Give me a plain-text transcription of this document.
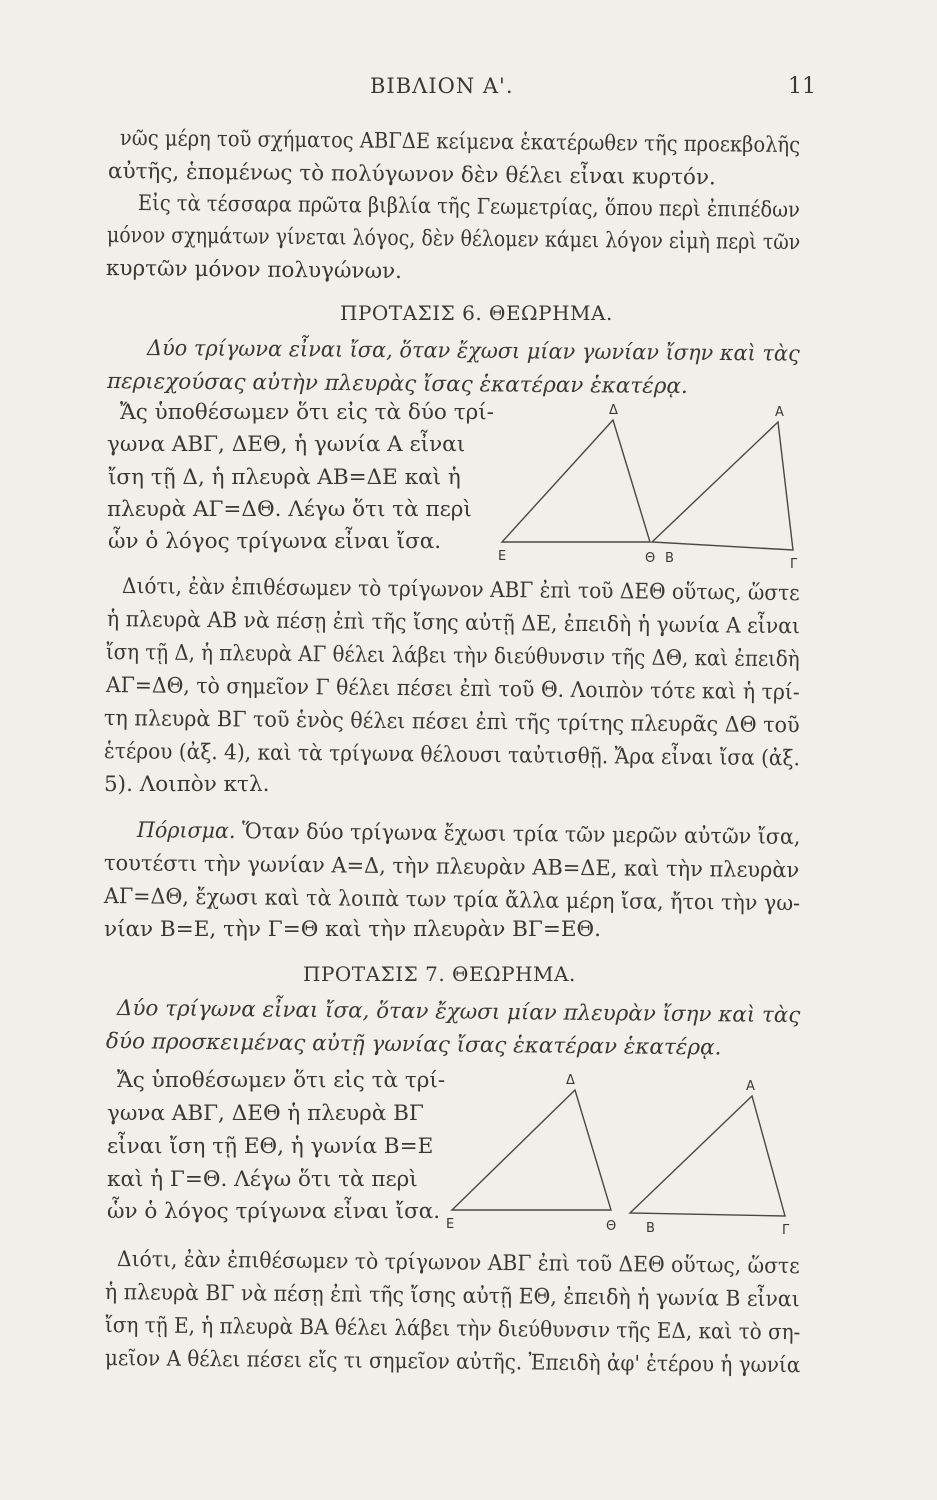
ΒΙΒΛΙΟΝ Α'.	11
νῶς μέρη τοῦ σχήματος ΑΒΓΔΕ κείμενα ἑκατέρωθεν τῆς προεκβολῆς
αὐτῆς, ἑπομένως τὸ πολύγωνον δὲν θέλει εἶναι κυρτόν.
Εἰς τὰ τέσσαρα πρῶτα βιβλία τῆς Γεωμετρίας, ὅπου περὶ ἐπιπέδων
μόνον σχημάτων γίνεται λόγος, δὲν θέλομεν κάμει λόγον εἰμὴ περὶ τῶν
κυρτῶν μόνον πολυγώνων.
ΠΡΟΤΑΣΙΣ 6. ΘΕΩΡΗΜΑ.
Δύο τρίγωνα εἶναι ἴσα, ὅταν ἔχωσι μίαν γωνίαν ἴσην καὶ τὰς
περιεχούσας αὐτὴν πλευρὰς ἴσας ἑκατέραν ἑκατέρᾳ.
Ἄς ὑποθέσωμεν ὅτι εἰς τὰ δύο τρί-
γωνα ΑΒΓ, ΔΕΘ, ἡ γωνία Α εἶναι
ἴση τῇ Δ, ἡ πλευρὰ ΑΒ=ΔΕ καὶ ἡ
πλευρὰ ΑΓ=ΔΘ. Λέγω ὅτι τὰ περὶ
ὧν ὁ λόγος τρίγωνα εἶναι ἴσα.
Δ
Ε	Θ
Α
Β	Γ
Διότι, ἐὰν ἐπιθέσωμεν τὸ τρίγωνον ΑΒΓ ἐπὶ τοῦ ΔΕΘ οὕτως, ὥστε
ἡ πλευρὰ ΑΒ νὰ πέσῃ ἐπὶ τῆς ἴσης αὐτῇ ΔΕ, ἐπειδὴ ἡ γωνία Α εἶναι
ἴση τῇ Δ, ἡ πλευρὰ ΑΓ θέλει λάβει τὴν διεύθυνσιν τῆς ΔΘ, καὶ ἐπειδὴ
ΑΓ=ΔΘ, τὸ σημεῖον Γ θέλει πέσει ἐπὶ τοῦ Θ. Λοιπὸν τότε καὶ ἡ τρί-
τη πλευρὰ ΒΓ τοῦ ἑνὸς θέλει πέσει ἐπὶ τῆς τρίτης πλευρᾶς ΔΘ τοῦ
ἑτέρου (ἀξ. 4), καὶ τὰ τρίγωνα θέλουσι ταὐτισθῇ. Ἄρα εἶναι ἴσα (ἀξ.
5). Λοιπὸν κτλ.
Πόρισμα. Ὅταν δύο τρίγωνα ἔχωσι τρία τῶν μερῶν αὐτῶν ἴσα,
τουτέστι τὴν γωνίαν Α=Δ, τὴν πλευρὰν ΑΒ=ΔΕ, καὶ τὴν πλευρὰν
ΑΓ=ΔΘ, ἔχωσι καὶ τὰ λοιπὰ των τρία ἄλλα μέρη ἴσα, ἤτοι τὴν γω-
νίαν Β=Ε, τὴν Γ=Θ καὶ τὴν πλευρὰν ΒΓ=ΕΘ.
ΠΡΟΤΑΣΙΣ 7. ΘΕΩΡΗΜΑ.
Δύο τρίγωνα εἶναι ἴσα, ὅταν ἔχωσι μίαν πλευρὰν ἴσην καὶ τὰς
δύο προσκειμένας αὐτῇ γωνίας ἴσας ἑκατέραν ἑκατέρᾳ.
Ἄς ὑποθέσωμεν ὅτι εἰς τὰ τρί-
γωνα ΑΒΓ, ΔΕΘ ἡ πλευρὰ ΒΓ
εἶναι ἴση τῇ ΕΘ, ἡ γωνία Β=Ε
καὶ ἡ Γ=Θ. Λέγω ὅτι τὰ περὶ
ὧν ὁ λόγος τρίγωνα εἶναι ἴσα.
Δ
Ε	Θ
Α
Β	Γ
Διότι, ἐὰν ἐπιθέσωμεν τὸ τρίγωνον ΑΒΓ ἐπὶ τοῦ ΔΕΘ οὕτως, ὥστε
ἡ πλευρὰ ΒΓ νὰ πέσῃ ἐπὶ τῆς ἴσης αὐτῇ ΕΘ, ἐπειδὴ ἡ γωνία Β εἶναι
ἴση τῇ Ε, ἡ πλευρὰ ΒΑ θέλει λάβει τὴν διεύθυνσιν τῆς ΕΔ, καὶ τὸ ση-
μεῖον Α θέλει πέσει εἴς τι σημεῖον αὐτῆς. Ἐπειδὴ ἀφ' ἑτέρου ἡ γωνία
